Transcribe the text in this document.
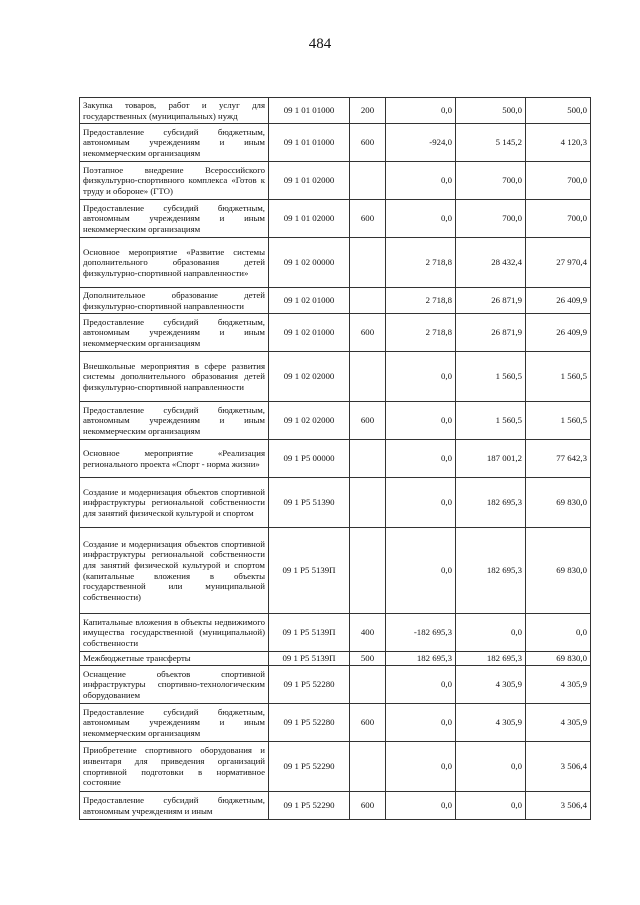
484
Закупка товаров, работ и услуг для государственных (муниципальных) нужд	09 1 01 01000	200	0,0	500,0	500,0
Предоставление субсидий бюджетным, автономным учреждениям и иным некоммерческим организациям	09 1 01 01000	600	-924,0	5 145,2	4 120,3
Поэтапное внедрение Всероссийского физкультурно-спортивного комплекса «Готов к труду и обороне» (ГТО)	09 1 01 02000		0,0	700,0	700,0
Предоставление субсидий бюджетным, автономным учреждениям и иным некоммерческим организациям	09 1 01 02000	600	0,0	700,0	700,0
Основное мероприятие «Развитие системы дополнительного образования детей физкультурно-спортивной направленности»	09 1 02 00000		2 718,8	28 432,4	27 970,4
Дополнительное образование детей физкультурно-спортивной направленности	09 1 02 01000		2 718,8	26 871,9	26 409,9
Предоставление субсидий бюджетным, автономным учреждениям и иным некоммерческим организациям	09 1 02 01000	600	2 718,8	26 871,9	26 409,9
Внешкольные мероприятия в сфере развития системы дополнительного образования детей физкультурно-спортивной направленности	09 1 02 02000		0,0	1 560,5	1 560,5
Предоставление субсидий бюджетным, автономным учреждениям и иным некоммерческим организациям	09 1 02 02000	600	0,0	1 560,5	1 560,5
Основное мероприятие «Реализация регионального проекта «Спорт - норма жизни»	09 1 P5 00000		0,0	187 001,2	77 642,3
Создание и модернизация объектов спортивной инфраструктуры региональной собственности для занятий физической культурой и спортом	09 1 P5 51390		0,0	182 695,3	69 830,0
Создание и модернизация объектов спортивной инфраструктуры региональной собственности для занятий физической культурой и спортом (капитальные вложения в объекты государственной или муниципальной собственности)	09 1 P5 5139П		0,0	182 695,3	69 830,0
Капитальные вложения в объекты недвижимого имущества государственной (муниципальной) собственности	09 1 P5 5139П	400	-182 695,3	0,0	0,0
Межбюджетные трансферты	09 1 P5 5139П	500	182 695,3	182 695,3	69 830,0
Оснащение объектов спортивной инфраструктуры спортивно-технологическим оборудованием	09 1 P5 52280		0,0	4 305,9	4 305,9
Предоставление субсидий бюджетным, автономным учреждениям и иным некоммерческим организациям	09 1 P5 52280	600	0,0	4 305,9	4 305,9
Приобретение спортивного оборудования и инвентаря для приведения организаций спортивной подготовки в нормативное состояние	09 1 P5 52290		0,0	0,0	3 506,4
Предоставление субсидий бюджетным, автономным учреждениям и иным	09 1 P5 52290	600	0,0	0,0	3 506,4
